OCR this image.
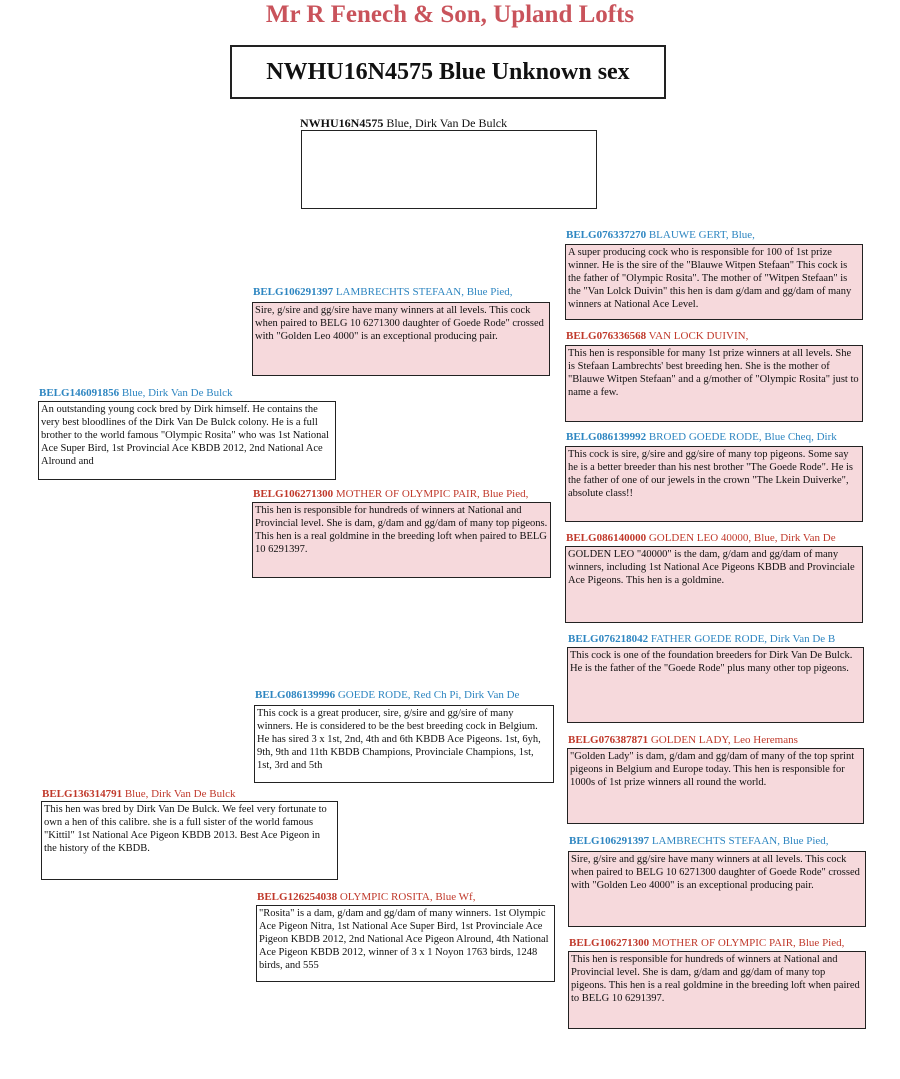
Mr R Fenech & Son, Upland Lofts
NWHU16N4575 Blue Unknown sex
NWHU16N4575 Blue, Dirk Van De Bulck
BELG146091856 Blue, Dirk Van De Bulck
An outstanding young cock bred by Dirk himself. He contains the very best bloodlines of the Dirk Van De Bulck colony. He is a full brother to the world famous "Olympic Rosita" who was 1st National Ace Super Bird, 1st Provincial Ace KBDB 2012, 2nd National Ace Alround and
BELG136314791 Blue, Dirk Van De Bulck
This hen was bred by Dirk Van De Bulck. We feel very fortunate to own a hen of this calibre. she is a full sister of the world famous "Kittil" 1st National Ace Pigeon KBDB 2013. Best Ace Pigeon in the history of the KBDB.
BELG106291397 LAMBRECHTS STEFAAN, Blue Pied,
Sire, g/sire and gg/sire have many winners at all levels. This cock when paired to BELG 10 6271300 daughter of Goede Rode" crossed with "Golden Leo 4000" is an exceptional producing pair.
BELG106271300 MOTHER OF OLYMPIC PAIR, Blue Pied,
This hen is responsible for hundreds of winners at National and Provincial level. She is dam, g/dam and gg/dam of many top pigeons. This hen is a real goldmine in the breeding loft when paired to BELG 10 6291397.
BELG086139996 GOEDE RODE, Red Ch Pi, Dirk Van De
This cock is a great producer, sire, g/sire and gg/sire of many winners. He is considered to be the best breeding cock in Belgium. He has sired 3 x 1st, 2nd, 4th and 6th KBDB Ace Pigeons. 1st, 6yh, 9th, 9th and 11th KBDB Champions, Provinciale Champions, 1st, 1st, 3rd and 5th
BELG126254038 OLYMPIC ROSITA, Blue Wf,
"Rosita" is a dam, g/dam and gg/dam of many winners. 1st Olympic Ace Pigeon Nitra, 1st National Ace Super Bird, 1st Provinciale Ace Pigeon KBDB 2012, 2nd National Ace Pigeon Alround, 4th National Ace Pigeon KBDB 2012, winner of 3 x 1 Noyon 1763 birds, 1248 birds, and 555
BELG076337270 BLAUWE GERT, Blue,
A super producing cock who is responsible for 100 of 1st prize winner. He is the sire of the "Blauwe Witpen Stefaan" This cock is the father of "Olympic Rosita". The mother of "Witpen Stefaan" is the "Van Lolck Duivin" this hen is dam g/dam and gg/dam of many winners at National Ace Level.
BELG076336568 VAN LOCK DUIVIN,
This hen is responsible for many 1st prize winners at all levels. She is Stefaan Lambrechts' best breeding hen. She is the mother of "Blauwe Witpen Stefaan" and a g/mother of "Olympic Rosita" just to name a few.
BELG086139992 BROED GOEDE RODE, Blue Cheq, Dirk
This cock is sire, g/sire and gg/sire of many top pigeons. Some say he is a better breeder than his nest brother "The Goede Rode". He is the father of one of our jewels in the crown "The Lkein Duiverke", absolute class!!
BELG086140000 GOLDEN LEO 40000, Blue, Dirk Van De
GOLDEN LEO "40000" is the dam, g/dam and gg/dam of many winners, including 1st National Ace Pigeons KBDB and Provinciale Ace Pigeons. This hen is a goldmine.
BELG076218042 FATHER GOEDE RODE, Dirk Van De B
This cock is one of the foundation breeders for Dirk Van De Bulck. He is the father of the "Goede Rode" plus many other top pigeons.
BELG076387871 GOLDEN LADY, Leo Heremans
"Golden Lady" is dam, g/dam and gg/dam of many of the top sprint pigeons in Belgium and Europe today. This hen is responsible for 1000s of 1st prize winners all round the world.
BELG106291397 LAMBRECHTS STEFAAN, Blue Pied,
Sire, g/sire and gg/sire have many winners at all levels. This cock when paired to BELG 10 6271300 daughter of Goede Rode" crossed with "Golden Leo 4000" is an exceptional producing pair.
BELG106271300 MOTHER OF OLYMPIC PAIR, Blue Pied,
This hen is responsible for hundreds of winners at National and Provincial level. She is dam, g/dam and gg/dam of many top pigeons. This hen is a real goldmine in the breeding loft when paired to BELG 10 6291397.
